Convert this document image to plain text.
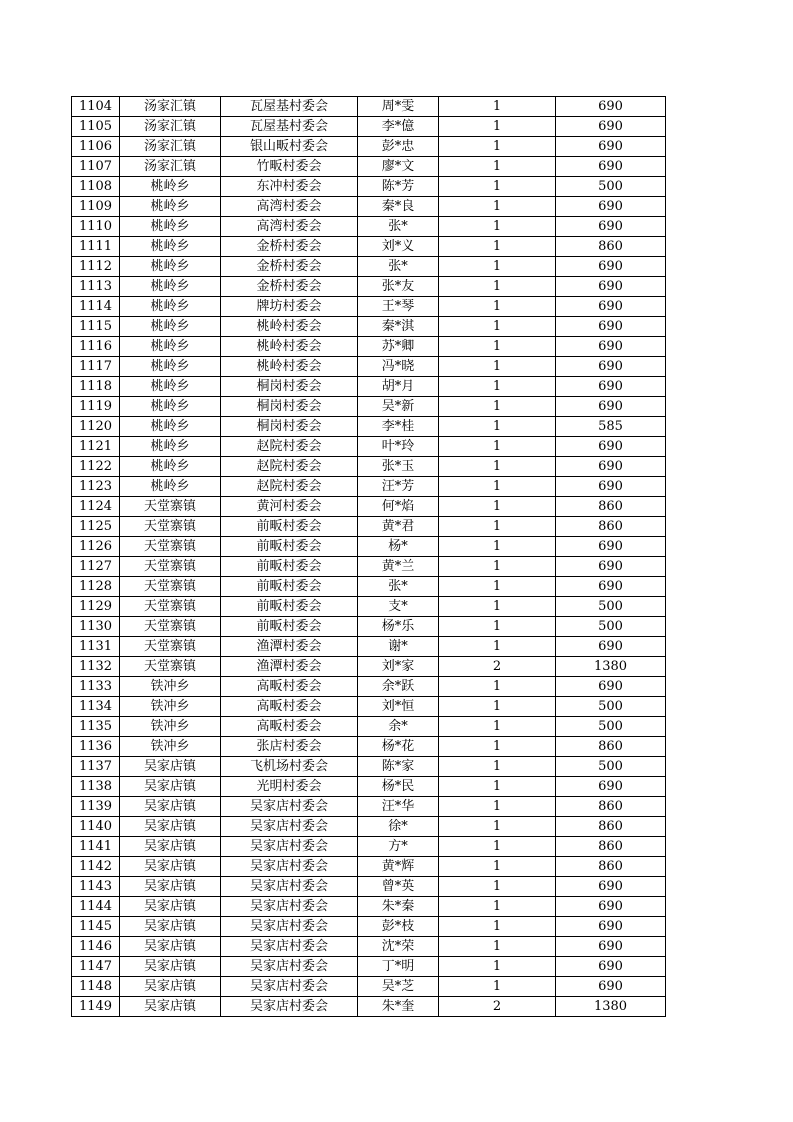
1104	汤家汇镇	瓦屋基村委会	周*雯	1	690
1105	汤家汇镇	瓦屋基村委会	李*億	1	690
1106	汤家汇镇	银山畈村委会	彭*忠	1	690
1107	汤家汇镇	竹畈村委会	廖*文	1	690
1108	桃岭乡	东冲村委会	陈*芳	1	500
1109	桃岭乡	高湾村委会	秦*良	1	690
1110	桃岭乡	高湾村委会	张*	1	690
1111	桃岭乡	金桥村委会	刘*义	1	860
1112	桃岭乡	金桥村委会	张*	1	690
1113	桃岭乡	金桥村委会	张*友	1	690
1114	桃岭乡	牌坊村委会	王*琴	1	690
1115	桃岭乡	桃岭村委会	秦*淇	1	690
1116	桃岭乡	桃岭村委会	苏*卿	1	690
1117	桃岭乡	桃岭村委会	冯*晓	1	690
1118	桃岭乡	桐岗村委会	胡*月	1	690
1119	桃岭乡	桐岗村委会	吴*新	1	690
1120	桃岭乡	桐岗村委会	李*桂	1	585
1121	桃岭乡	赵院村委会	叶*玲	1	690
1122	桃岭乡	赵院村委会	张*玉	1	690
1123	桃岭乡	赵院村委会	汪*芳	1	690
1124	天堂寨镇	黄河村委会	何*焰	1	860
1125	天堂寨镇	前畈村委会	黄*君	1	860
1126	天堂寨镇	前畈村委会	杨*	1	690
1127	天堂寨镇	前畈村委会	黄*兰	1	690
1128	天堂寨镇	前畈村委会	张*	1	690
1129	天堂寨镇	前畈村委会	支*	1	500
1130	天堂寨镇	前畈村委会	杨*乐	1	500
1131	天堂寨镇	渔潭村委会	谢*	1	690
1132	天堂寨镇	渔潭村委会	刘*家	2	1380
1133	铁冲乡	高畈村委会	余*跃	1	690
1134	铁冲乡	高畈村委会	刘*恒	1	500
1135	铁冲乡	高畈村委会	余*	1	500
1136	铁冲乡	张店村委会	杨*花	1	860
1137	吴家店镇	飞机场村委会	陈*家	1	500
1138	吴家店镇	光明村委会	杨*民	1	690
1139	吴家店镇	吴家店村委会	汪*华	1	860
1140	吴家店镇	吴家店村委会	徐*	1	860
1141	吴家店镇	吴家店村委会	方*	1	860
1142	吴家店镇	吴家店村委会	黄*辉	1	860
1143	吴家店镇	吴家店村委会	曾*英	1	690
1144	吴家店镇	吴家店村委会	朱*秦	1	690
1145	吴家店镇	吴家店村委会	彭*枝	1	690
1146	吴家店镇	吴家店村委会	沈*荣	1	690
1147	吴家店镇	吴家店村委会	丁*明	1	690
1148	吴家店镇	吴家店村委会	吴*芝	1	690
1149	吴家店镇	吴家店村委会	朱*奎	2	1380
